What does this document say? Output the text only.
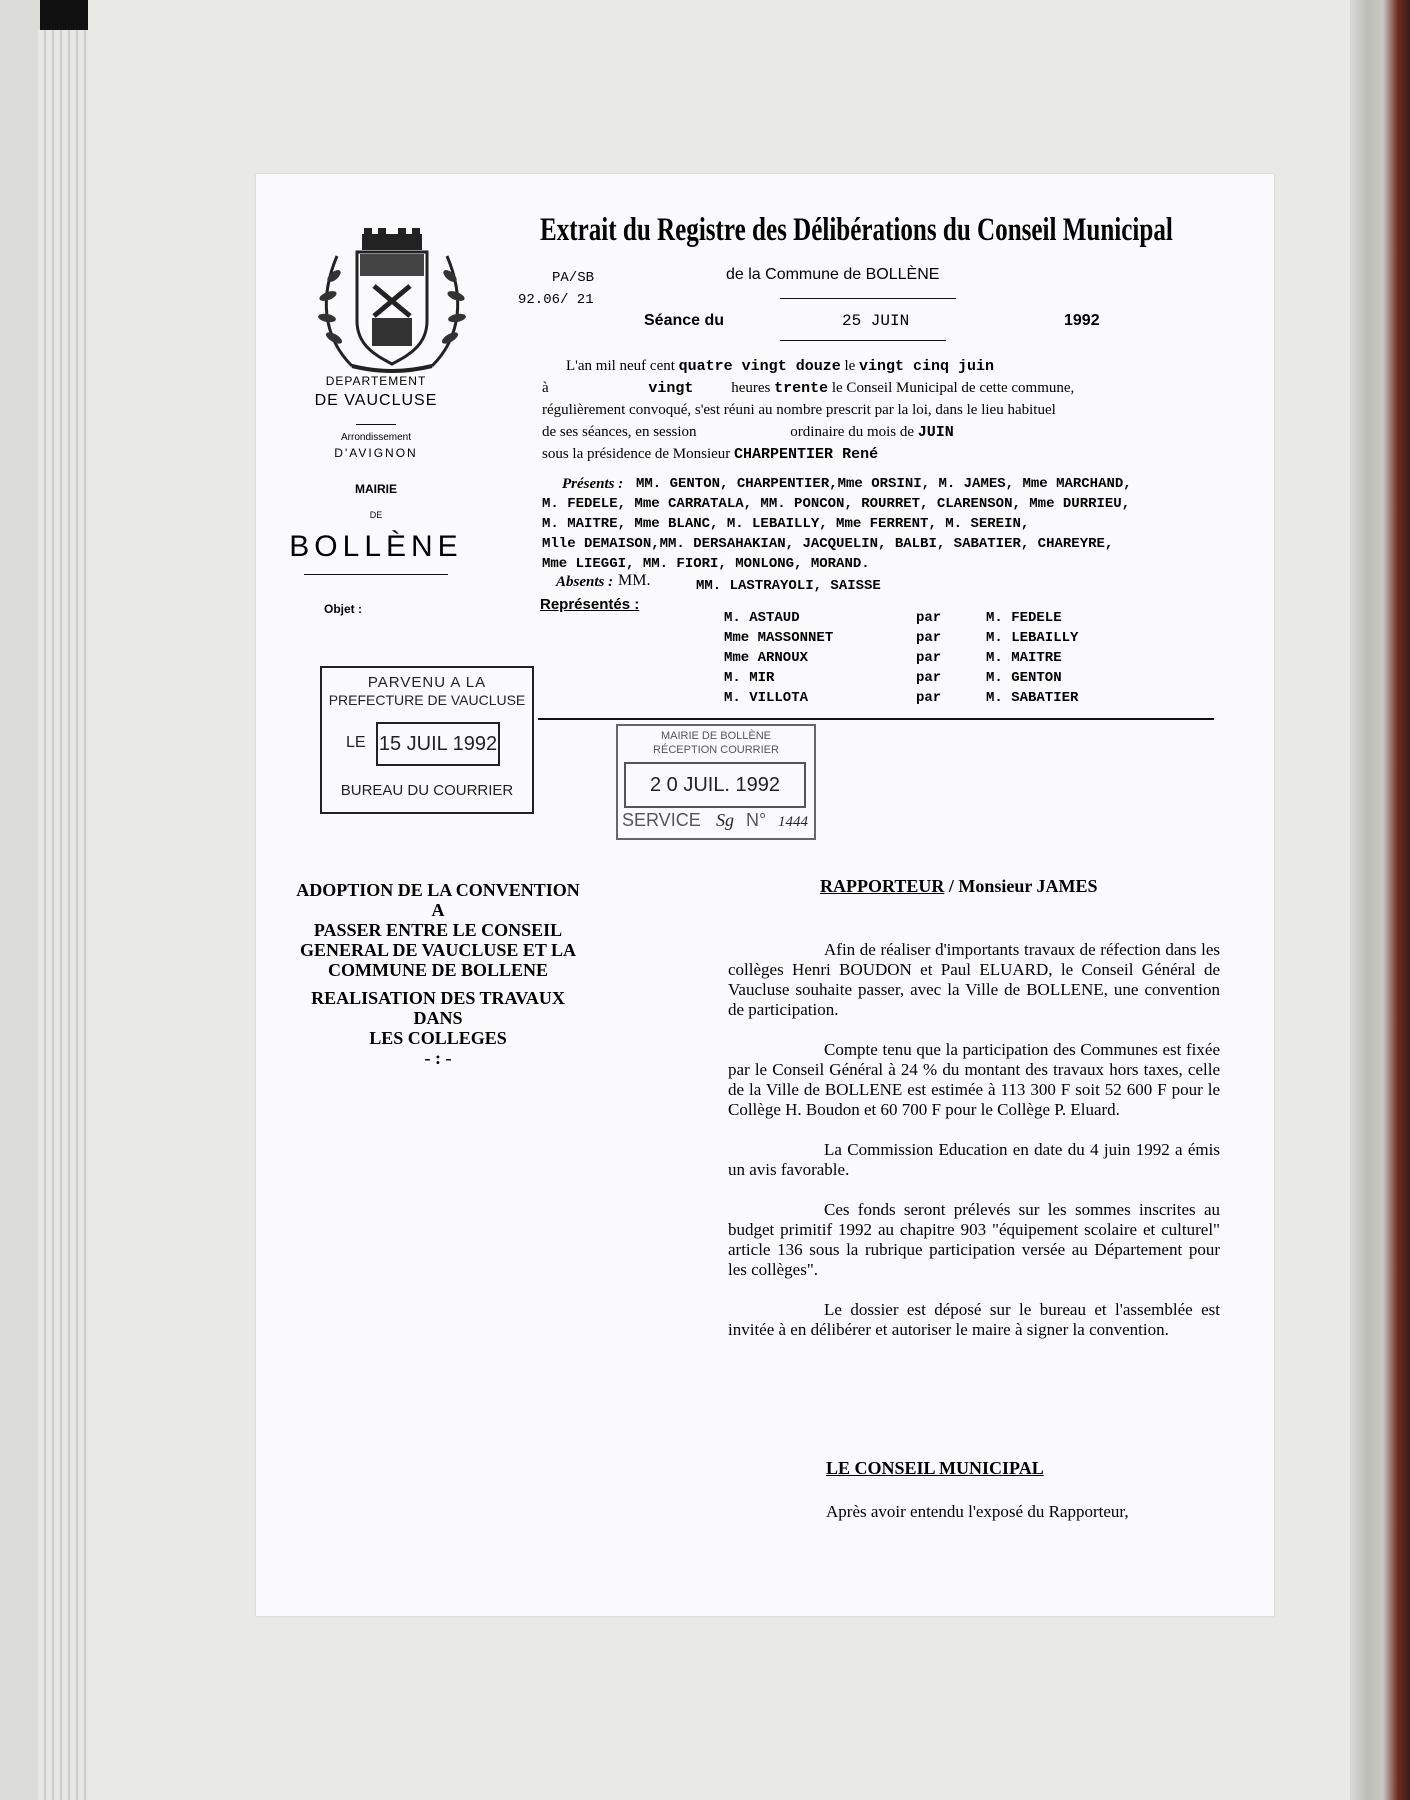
DEPARTEMENT
DE VAUCLUSE
Arrondissement
D'AVIGNON
MAIRIE
DE
BOLLÈNE
Objet :
Extrait du Registre des Délibérations du Conseil Municipal
PA/SB
92.06/ 21
de la Commune de BOLLÈNE
Séance du	25 JUIN	1992
L'an mil neuf cent quatre vingt douze le vingt cinq juin
à	vingt	heures trente le Conseil Municipal de cette commune,
régulièrement convoqué, s'est réuni au nombre prescrit par la loi, dans le lieu habituel
de ses séances, en session	ordinaire du mois de JUIN
sous la présidence de Monsieur CHARPENTIER René
Présents : MM. GENTON, CHARPENTIER,Mme ORSINI, M. JAMES, Mme MARCHAND,
M. FEDELE, Mme CARRATALA, MM. PONCON, ROURRET, CLARENSON, Mme DURRIEU,
M. MAITRE, Mme BLANC, M. LEBAILLY, Mme FERRENT, M. SEREIN,
Mlle DEMAISON,MM. DERSAHAKIAN, JACQUELIN, BALBI, SABATIER, CHAREYRE,
Mme LIEGGI, MM. FIORI, MONLONG, MORAND.
Absents : MM.	MM. LASTRAYOLI, SAISSE
Représentés :
M. ASTAUD	par	M. FEDELE
Mme MASSONNET	par	M. LEBAILLY
Mme ARNOUX	par	M. MAITRE
M. MIR	par	M. GENTON
M. VILLOTA	par	M. SABATIER
PARVENU A LA
PREFECTURE DE VAUCLUSE
LE 15 JUIL 1992
BUREAU DU COURRIER
MAIRIE DE BOLLÈNE
RÉCEPTION COURRIER
2 0 JUIL. 1992
SERVICE Sg N° 1444
ADOPTION DE LA CONVENTION A
PASSER ENTRE LE CONSEIL
GENERAL DE VAUCLUSE ET LA
COMMUNE DE BOLLENE
REALISATION DES TRAVAUX DANS
LES COLLEGES
- : -
RAPPORTEUR / Monsieur JAMES

Afin de réaliser d'importants travaux de réfection dans les collèges Henri BOUDON et Paul ELUARD, le Conseil Général de Vaucluse souhaite passer, avec la Ville de BOLLENE, une convention de participation.

Compte tenu que la participation des Communes est fixée par le Conseil Général à 24 % du montant des travaux hors taxes, celle de la Ville de BOLLENE est estimée à 113 300 F soit 52 600 F pour le Collège H. Boudon et 60 700 F pour le Collège P. Eluard.

La Commission Education en date du 4 juin 1992 a émis un avis favorable.

Ces fonds seront prélevés sur les sommes inscrites au budget primitif 1992 au chapitre 903 "équipement scolaire et culturel" article 136 sous la rubrique participation versée au Département pour les collèges".

Le dossier est déposé sur le bureau et l'assemblée est invitée à en délibérer et autoriser le maire à signer la convention.

LE CONSEIL MUNICIPAL
Après avoir entendu l'exposé du Rapporteur,
